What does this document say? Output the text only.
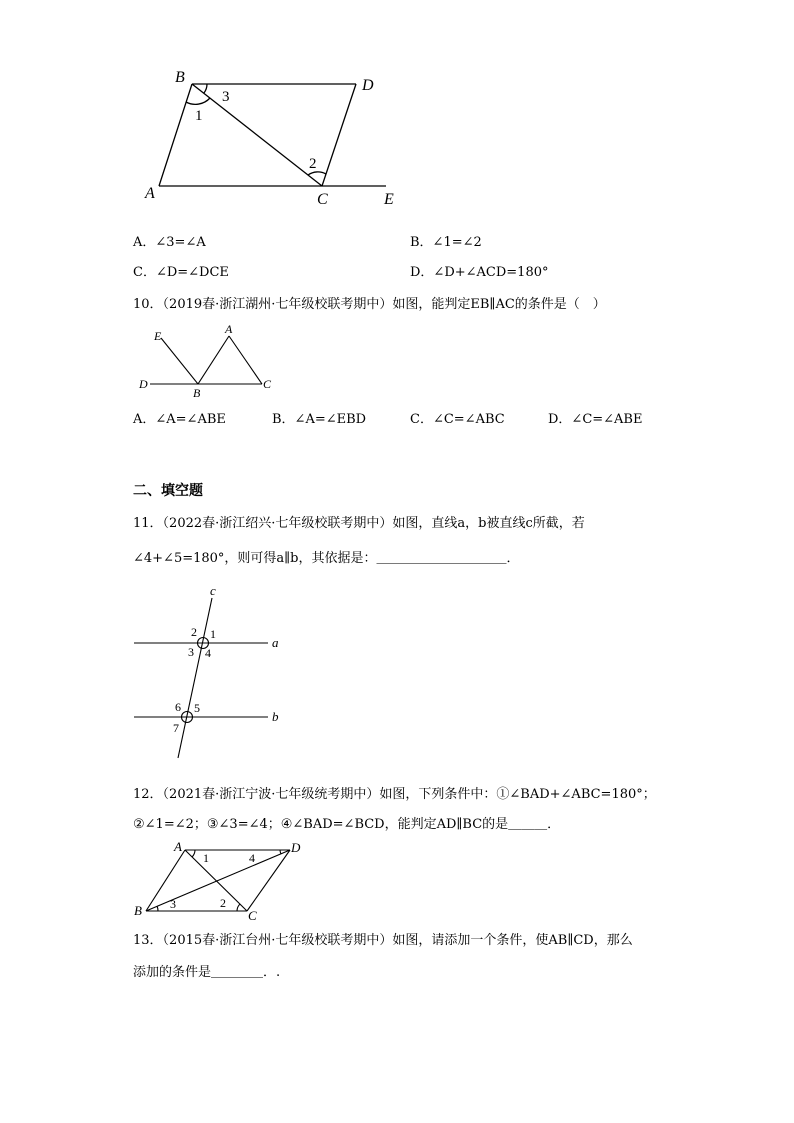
B	D
A	C	E
1
3
2
A．∠3=∠A	B．∠1=∠2
C．∠D=∠DCE	D．∠D+∠ACD=180°
10．（2019春·浙江湖州·七年级校联考期中）如图，能判定EB∥AC的条件是（　）
E	A
D
B
C
A．∠A=∠ABE	B．∠A=∠EBD	C．∠C=∠ABC	D．∠C=∠ABE
二、填空题
11．（2022春·浙江绍兴·七年级校联考期中）如图，直线a，b被直线c所截，若
∠4+∠5=180°，则可得a∥b，其依据是：＿＿＿＿＿＿＿＿＿＿．
c
a
b
2 1
3 4
6 5
7
12．（2021春·浙江宁波·七年级统考期中）如图，下列条件中：①∠BAD+∠ABC=180°；
②∠1=∠2；③∠3=∠4；④∠BAD=∠BCD，能判定AD∥BC的是＿＿＿．
A	D
B	C
1	4
3	2
13．（2015春·浙江台州·七年级校联考期中）如图，请添加一个条件，使AB∥CD，那么
添加的条件是＿＿＿＿．.
